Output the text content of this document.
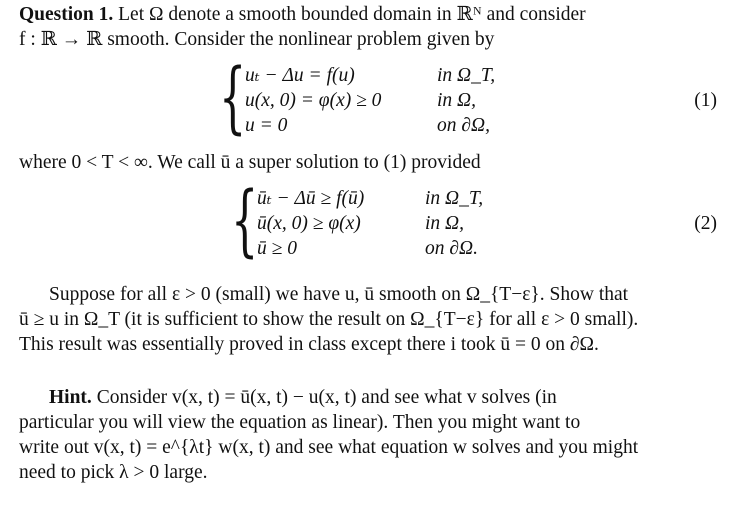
Question 1. Let Ω denote a smooth bounded domain in ℝᴺ and consider
f : ℝ → ℝ smooth. Consider the nonlinear problem given by

{
uₜ − Δu = f(u)	in Ω_T,
u(x, 0) = φ(x) ≥ 0	in Ω,
u = 0	on ∂Ω,
(1)

where 0 < T < ∞. We call ū a super solution to (1) provided

{
ūₜ − Δū ≥ f(ū)	in Ω_T,
ū(x, 0) ≥ φ(x)	in Ω,
ū ≥ 0	on ∂Ω.
(2)

Suppose for all ε > 0 (small) we have u, ū smooth on Ω_{T−ε}. Show that
ū ≥ u in Ω_T (it is sufficient to show the result on Ω_{T−ε} for all ε > 0 small).
This result was essentially proved in class except there i took ū = 0 on ∂Ω.

Hint. Consider v(x, t) = ū(x, t) − u(x, t) and see what v solves (in
particular you will view the equation as linear). Then you might want to
write out v(x, t) = e^{λt} w(x, t) and see what equation w solves and you might
need to pick λ > 0 large.
